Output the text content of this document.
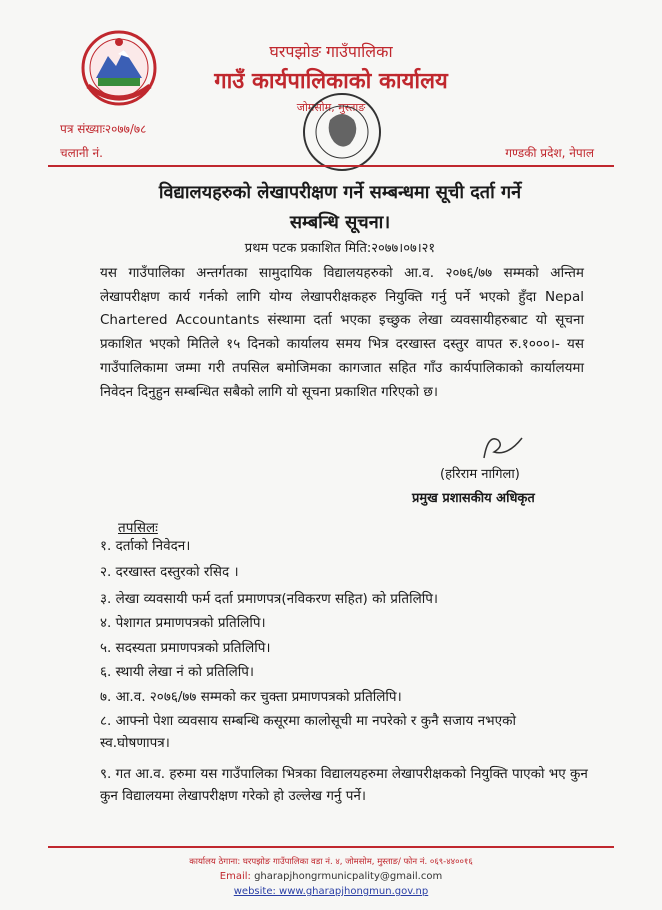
घरपझोङ गाउँपालिका
गाउँ कार्यपालिकाको कार्यालय
जोमसोम, मुस्ताङ
पत्र संख्याः२०७७/७८
चलानी नं.	गण्डकी प्रदेश, नेपाल
विद्यालयहरुको लेखापरीक्षण गर्ने सम्बन्धमा सूची दर्ता गर्ने
सम्बन्धि सूचना।
प्रथम पटक प्रकाशित मिति:२०७७।०७।२१
यस गाउँपालिका अन्तर्गतका सामुदायिक विद्यालयहरुको आ.व. २०७६/७७ सम्मको अन्तिम लेखापरीक्षण कार्य गर्नको लागि योग्य लेखापरीक्षकहरु नियुक्ति गर्नु पर्ने भएको हुँदा Nepal Chartered Accountants संस्थामा दर्ता भएका इच्छुक लेखा व्यवसायीहरुबाट यो सूचना प्रकाशित भएको मितिले १५ दिनको कार्यालय समय भित्र दरखास्त दस्तुर वापत रु.१०००।- यस गाउँपालिकामा जम्मा गरी तपसिल बमोजिमका कागजात सहित गाँउ कार्यपालिकाको कार्यालयमा निवेदन दिनुहुन सम्बन्धित सबैको लागि यो सूचना प्रकाशित गरिएको छ।
(हरिराम नागिला)
प्रमुख प्रशासकीय अधिकृत
तपसिलः
१. दर्ताको निवेदन।
२. दरखास्त दस्तुरको रसिद ।
३. लेखा व्यवसायी फर्म दर्ता प्रमाणपत्र(नविकरण सहित) को प्रतिलिपि।
४. पेशागत प्रमाणपत्रको प्रतिलिपि।
५. सदस्यता प्रमाणपत्रको प्रतिलिपि।
६. स्थायी लेखा नं को प्रतिलिपि।
७. आ.व. २०७६/७७ सम्मको कर चुक्ता प्रमाणपत्रको प्रतिलिपि।
८. आफ्नो पेशा व्यवसाय सम्बन्धि कसूरमा कालोसूची मा नपरेको र कुनै सजाय नभएको स्व.घोषणापत्र।
९. गत आ.व. हरुमा यस गाउँपालिका भित्रका विद्यालयहरुमा लेखापरीक्षकको नियुक्ति पाएको भए कुन कुन विद्यालयमा लेखापरीक्षण गरेको हो उल्लेख गर्नु पर्ने।
कार्यालय ठेगाना: घरपझोङ गाउँपालिका वडा नं. ४, जोमसोम, मुस्ताङ/ फोन नं. ०६९-४४००१६
Email: gharapjhongrmunicpality@gmail.com
website: www.gharapjhongmun.gov.np
